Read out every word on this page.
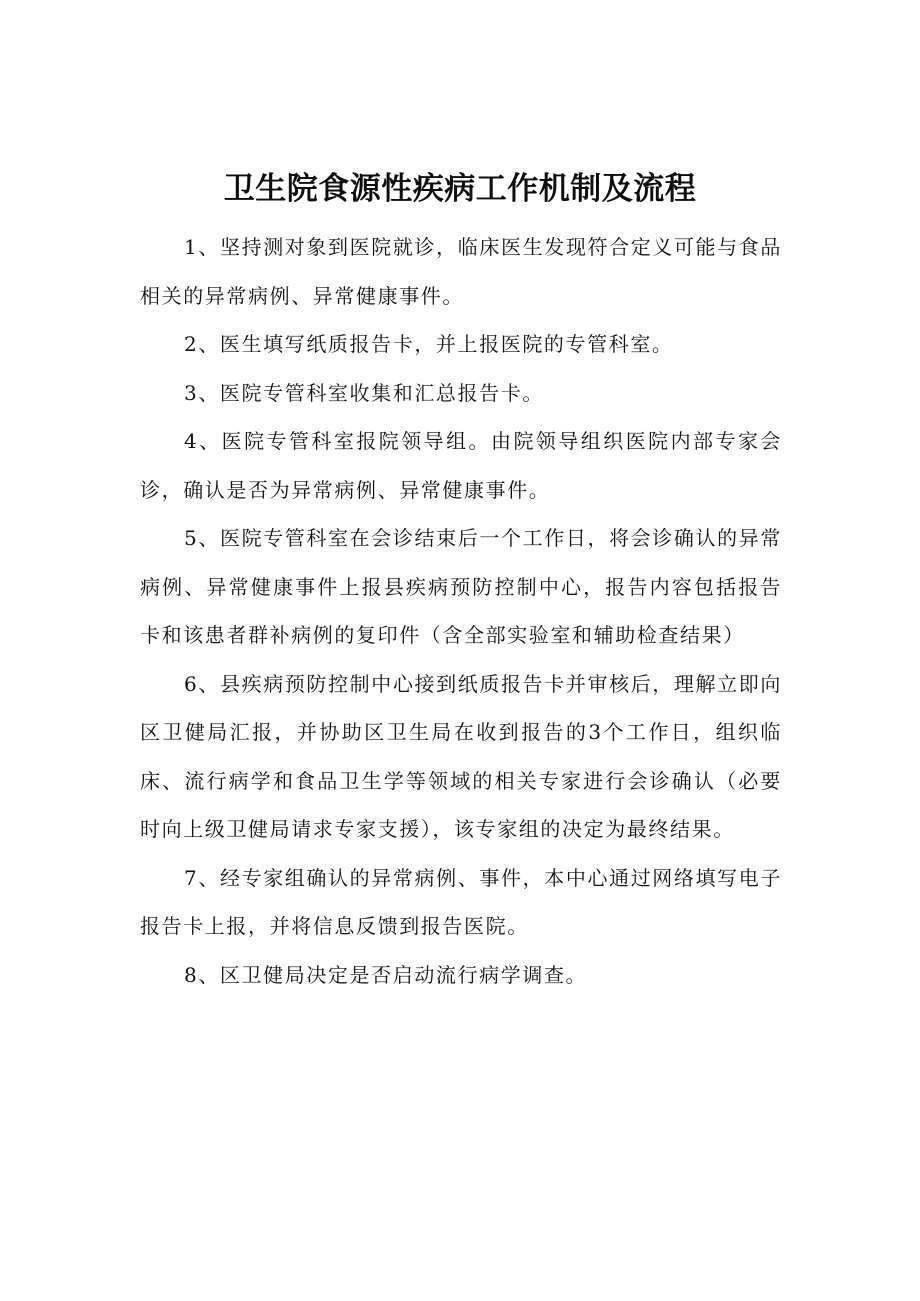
卫生院食源性疾病工作机制及流程

1、坚持测对象到医院就诊，临床医生发现符合定义可能与食品相关的异常病例、异常健康事件。

2、医生填写纸质报告卡，并上报医院的专管科室。

3、医院专管科室收集和汇总报告卡。

4、医院专管科室报院领导组。由院领导组织医院内部专家会诊，确认是否为异常病例、异常健康事件。

5、医院专管科室在会诊结束后一个工作日，将会诊确认的异常病例、异常健康事件上报县疾病预防控制中心，报告内容包括报告卡和该患者群补病例的复印件（含全部实验室和辅助检查结果）

6、县疾病预防控制中心接到纸质报告卡并审核后，理解立即向区卫健局汇报，并协助区卫生局在收到报告的3个工作日，组织临床、流行病学和食品卫生学等领域的相关专家进行会诊确认（必要时向上级卫健局请求专家支援），该专家组的决定为最终结果。

7、经专家组确认的异常病例、事件，本中心通过网络填写电子报告卡上报，并将信息反馈到报告医院。

8、区卫健局决定是否启动流行病学调查。
